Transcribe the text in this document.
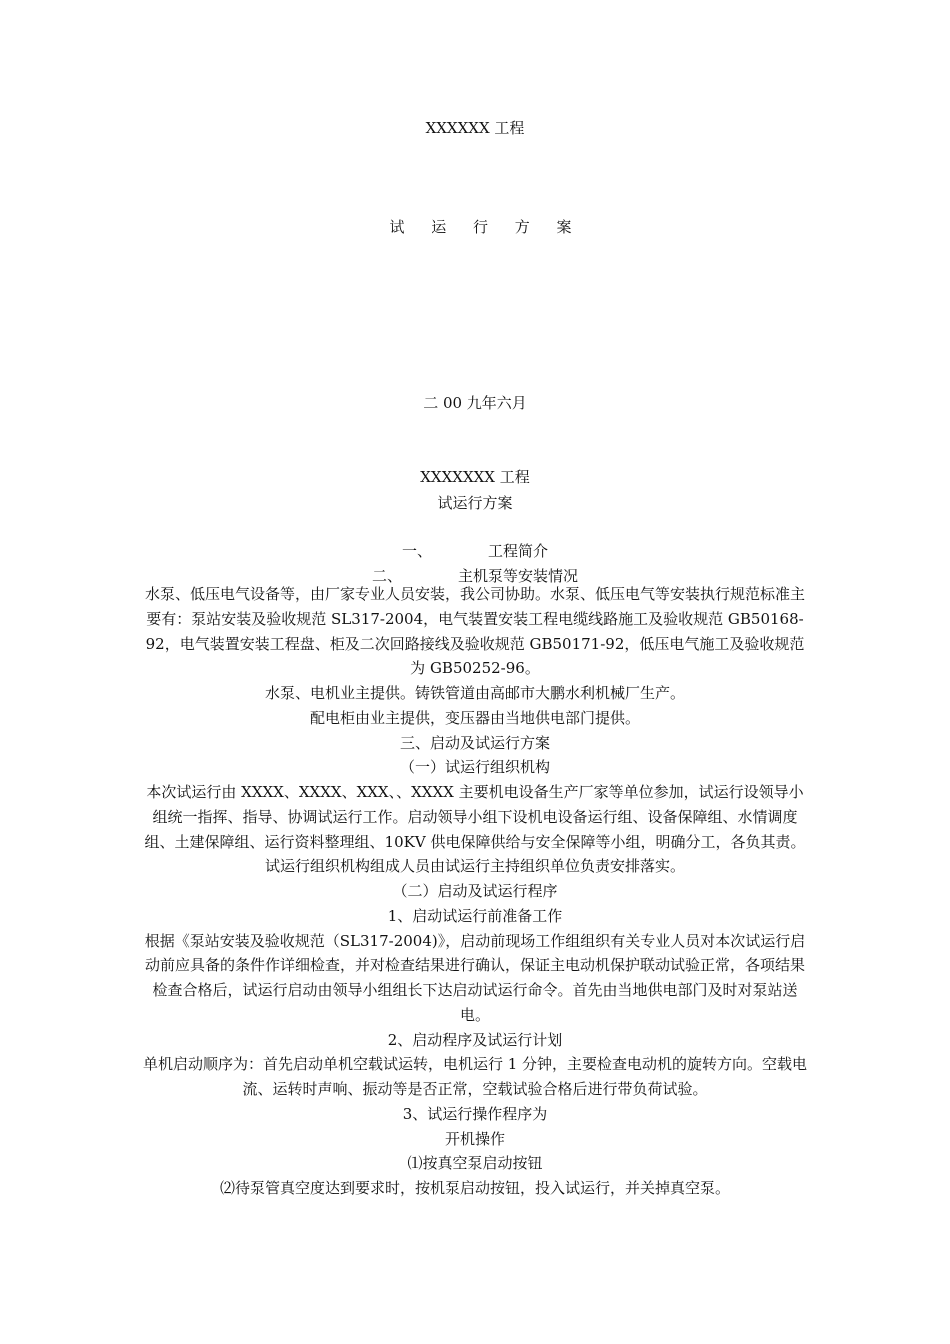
XXXXXX 工程
试 运 行 方 案
二 00 九年六月
XXXXXXX 工程
试运行方案
一、	工程简介
二、	主机泵等安装情况

水泵、低压电气设备等，由厂家专业人员安装，我公司协助。水泵、低压电气等安装执行规范标准主要有：泵站安装及验收规范 SL317-2004，电气装置安装工程电缆线路施工及验收规范 GB50168-92，电气装置安装工程盘、柜及二次回路接线及验收规范 GB50171-92，低压电气施工及验收规范为 GB50252-96。

水泵、电机业主提供。铸铁管道由高邮市大鹏水利机械厂生产。

配电柜由业主提供，变压器由当地供电部门提供。

三、启动及试运行方案

（一）试运行组织机构

本次试运行由 XXXX、XXXX、XXX、、XXXX 主要机电设备生产厂家等单位参加，试运行设领导小组统一指挥、指导、协调试运行工作。启动领导小组下设机电设备运行组、设备保障组、水情调度组、土建保障组、运行资料整理组、10KV 供电保障供给与安全保障等小组，明确分工，各负其责。试运行组织机构组成人员由试运行主持组织单位负责安排落实。

（二）启动及试运行程序

1、启动试运行前准备工作

根据《泵站安装及验收规范（SL317-2004)》，启动前现场工作组组织有关专业人员对本次试运行启动前应具备的条件作详细检查，并对检查结果进行确认，保证主电动机保护联动试验正常，各项结果检查合格后，试运行启动由领导小组组长下达启动试运行命令。首先由当地供电部门及时对泵站送电。

2、启动程序及试运行计划

单机启动顺序为：首先启动单机空载试运转，电机运行 1 分钟，主要检查电动机的旋转方向。空载电流、运转时声响、振动等是否正常，空载试验合格后进行带负荷试验。

3、试运行操作程序为

开机操作

⑴按真空泵启动按钮

⑵待泵管真空度达到要求时，按机泵启动按钮，投入试运行，并关掉真空泵。
